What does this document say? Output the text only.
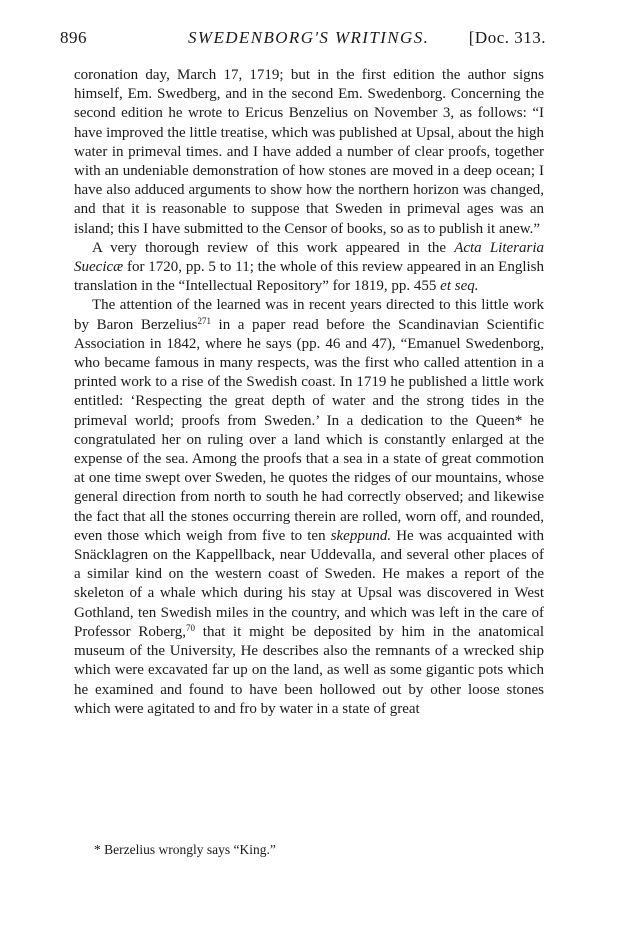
896	SWEDENBORG'S WRITINGS. [Doc. 313.

coronation day, March 17, 1719; but in the first edition the author signs himself, Em. Swedberg, and in the second Em. Swedenborg. Concerning the second edition he wrote to Ericus Benzelius on November 3, as follows: “I have improved the little treatise, which was published at Upsal, about the high water in primeval times. and I have added a number of clear proofs, together with an undeniable demonstration of how stones are moved in a deep ocean; I have also adduced arguments to show how the northern horizon was changed, and that it is reasonable to suppose that Sweden in primeval ages was an island; this I have submitted to the Censor of books, so as to publish it anew.”

A very thorough review of this work appeared in the Acta Literaria Suecicæ for 1720, pp. 5 to 11; the whole of this review appeared in an English translation in the “Intellectual Repository” for 1819, pp. 455 et seq.

The attention of the learned was in recent years directed to this little work by Baron Berzelius$^{271}$ in a paper read before the Scandinavian Scientific Association in 1842, where he says (pp. 46 and 47), “Emanuel Swedenborg, who became famous in many respects, was the first who called attention in a printed work to a rise of the Swedish coast. In 1719 he published a little work entitled: ‘Respecting the great depth of water and the strong tides in the primeval world; proofs from Sweden.’ In a dedication to the Queen* he congratulated her on ruling over a land which is constantly enlarged at the expense of the sea. Among the proofs that a sea in a state of great commotion at one time swept over Sweden, he quotes the ridges of our mountains, whose general direction from north to south he had correctly observed; and likewise the fact that all the stones occurring therein are rolled, worn off, and rounded, even those which weigh from five to ten skeppund. He was acquainted with Snäcklagren on the Kappellback, near Uddevalla, and several other places of a similar kind on the western coast of Sweden. He makes a report of the skeleton of a whale which during his stay at Upsal was discovered in West Gothland, ten Swedish miles in the country, and which was left in the care of Professor Roberg,$^{70}$ that it might be deposited by him in the anatomical museum of the University, He describes also the remnants of a wrecked ship which were excavated far up on the land, as well as some gigantic pots which he examined and found to have been hollowed out by other loose stones which were agitated to and fro by water in a state of great

* Berzelius wrongly says “King.”
